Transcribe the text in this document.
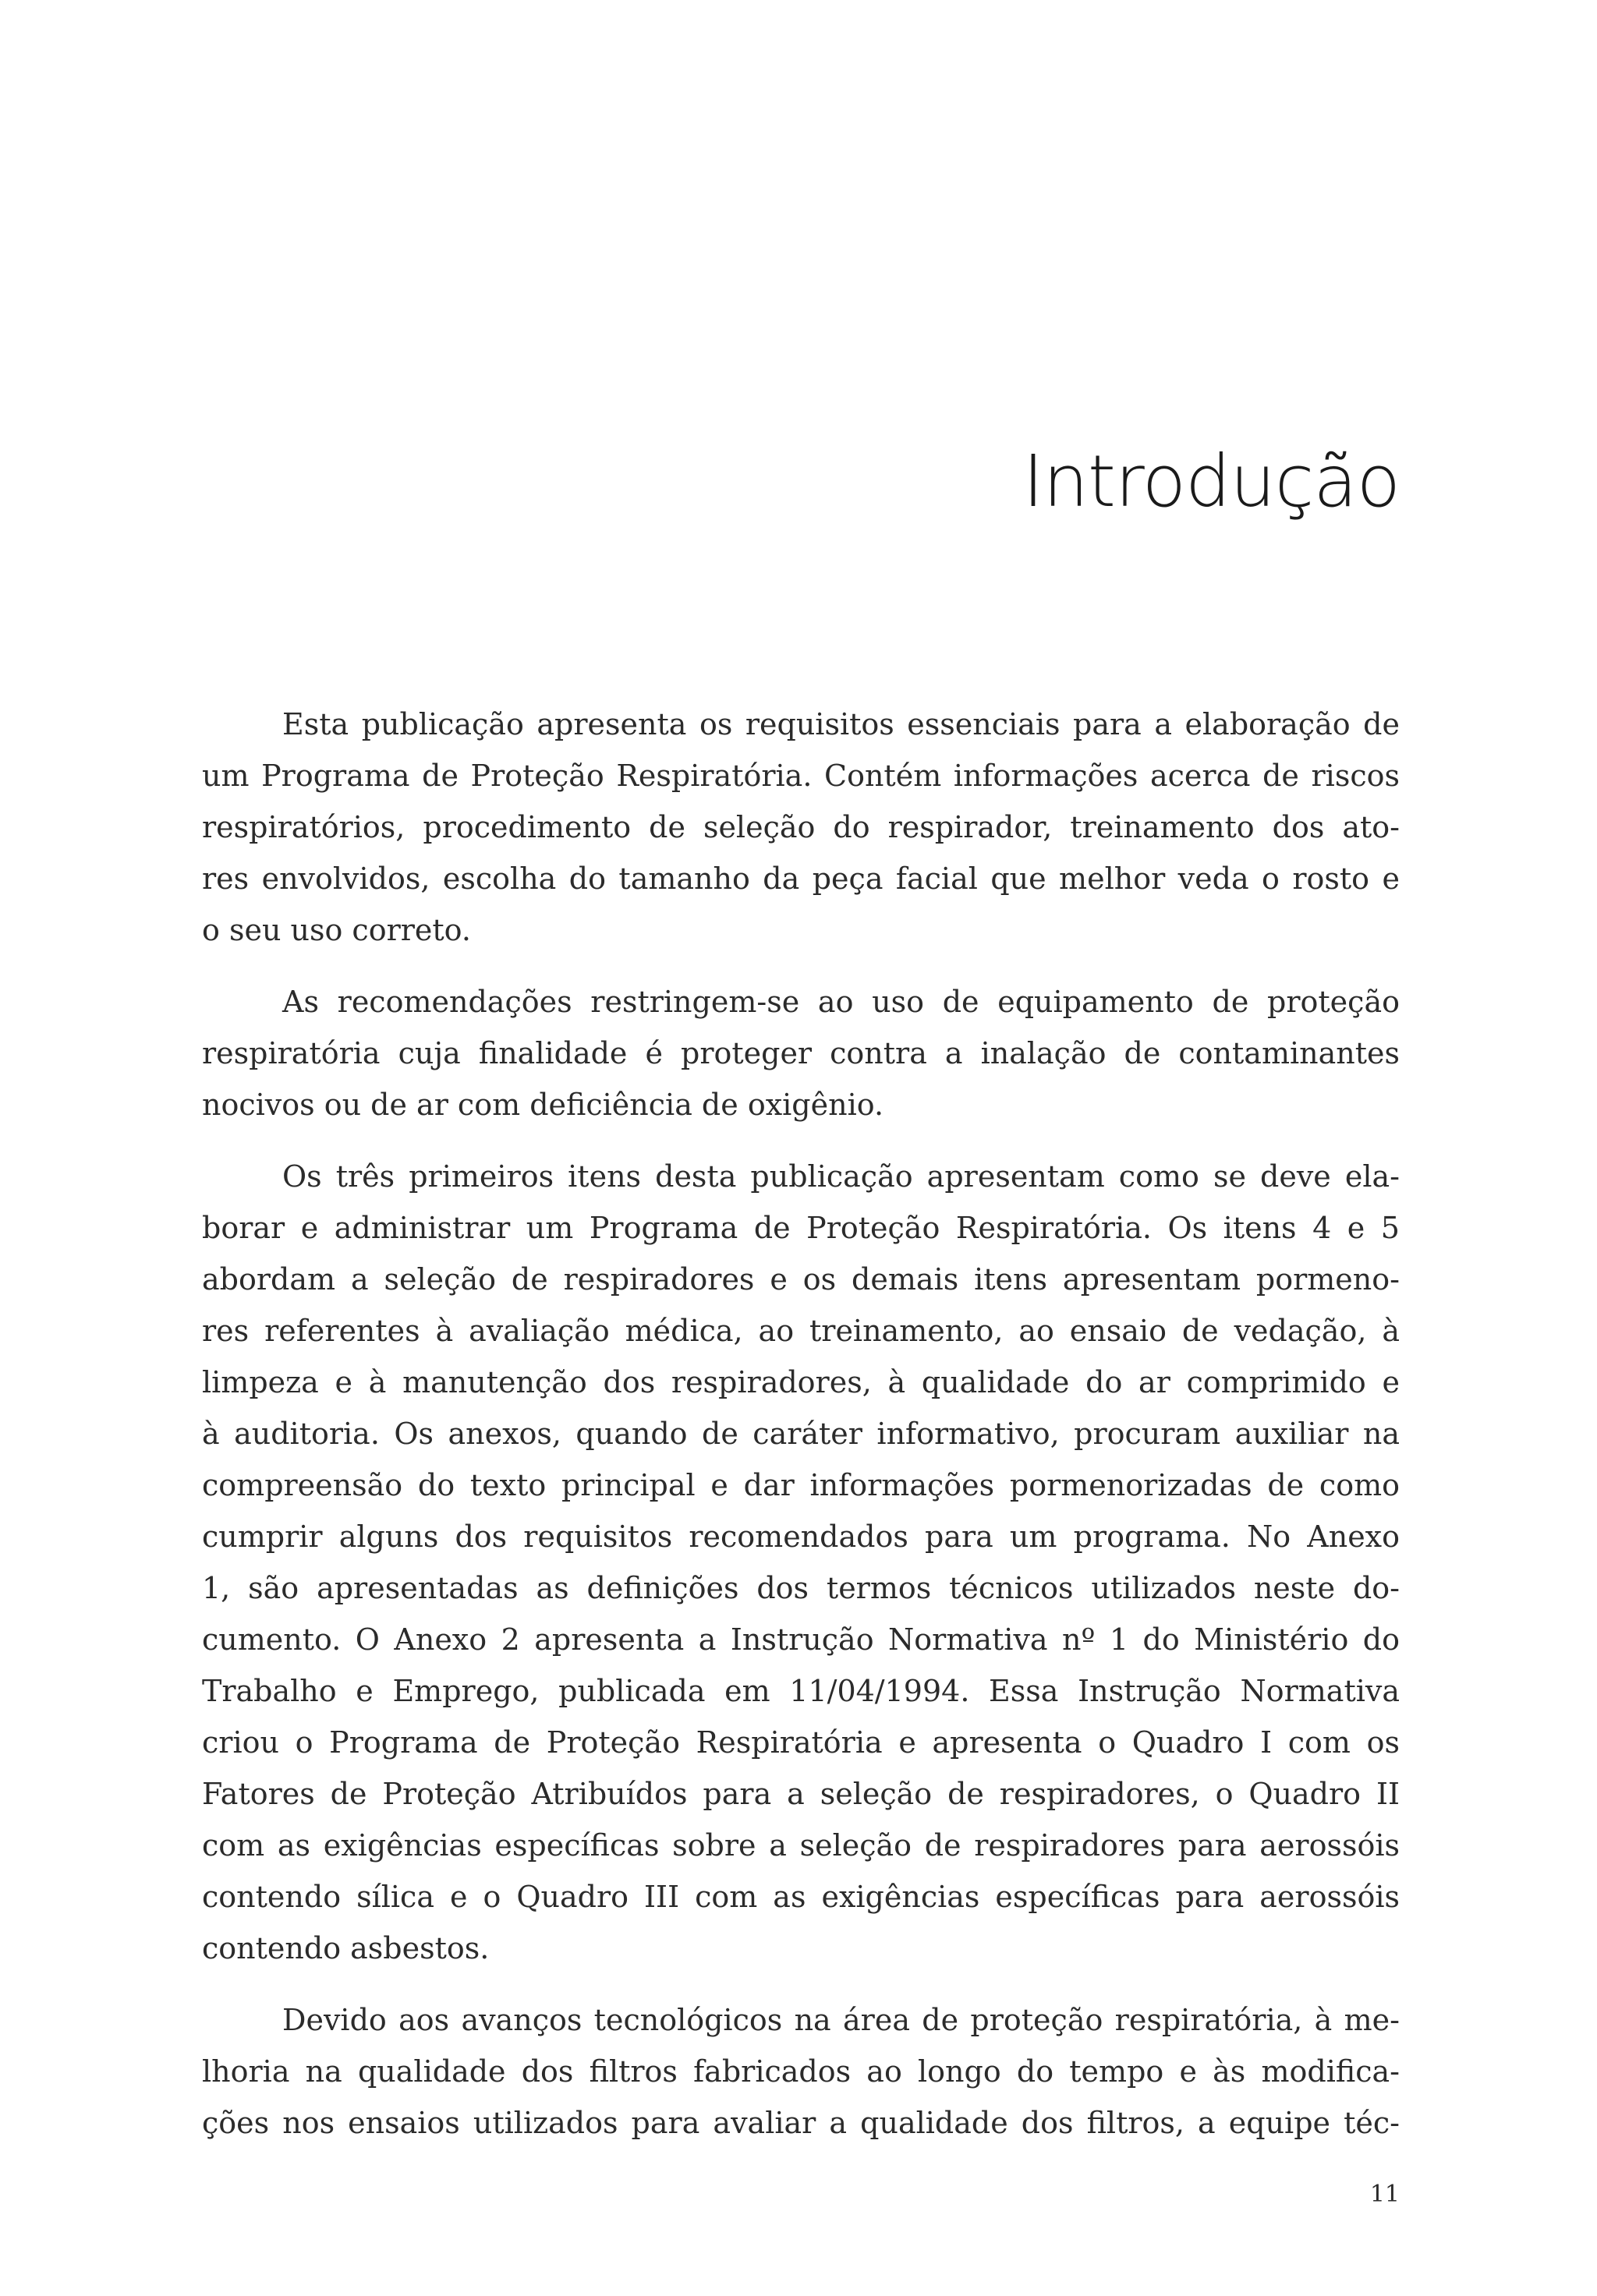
Introdução
Esta publicação apresenta os requisitos essenciais para a elaboração de
um Programa de Proteção Respiratória. Contém informações acerca de riscos
respiratórios, procedimento de seleção do respirador, treinamento dos ato-
res envolvidos, escolha do tamanho da peça facial que melhor veda o rosto e
o seu uso correto.
As recomendações restringem-se ao uso de equipamento de proteção
respiratória cuja finalidade é proteger contra a inalação de contaminantes
nocivos ou de ar com deficiência de oxigênio.
Os três primeiros itens desta publicação apresentam como se deve ela-
borar e administrar um Programa de Proteção Respiratória. Os itens 4 e 5
abordam a seleção de respiradores e os demais itens apresentam pormeno-
res referentes à avaliação médica, ao treinamento, ao ensaio de vedação, à
limpeza e à manutenção dos respiradores, à qualidade do ar comprimido e
à auditoria. Os anexos, quando de caráter informativo, procuram auxiliar na
compreensão do texto principal e dar informações pormenorizadas de como
cumprir alguns dos requisitos recomendados para um programa. No Anexo
1, são apresentadas as definições dos termos técnicos utilizados neste do-
cumento. O Anexo 2 apresenta a Instrução Normativa nº 1 do Ministério do
Trabalho e Emprego, publicada em 11/04/1994. Essa Instrução Normativa
criou o Programa de Proteção Respiratória e apresenta o Quadro I com os
Fatores de Proteção Atribuídos para a seleção de respiradores, o Quadro II
com as exigências específicas sobre a seleção de respiradores para aerossóis
contendo sílica e o Quadro III com as exigências específicas para aerossóis
contendo asbestos.
Devido aos avanços tecnológicos na área de proteção respiratória, à me-
lhoria na qualidade dos filtros fabricados ao longo do tempo e às modifica-
ções nos ensaios utilizados para avaliar a qualidade dos filtros, a equipe téc-

11
